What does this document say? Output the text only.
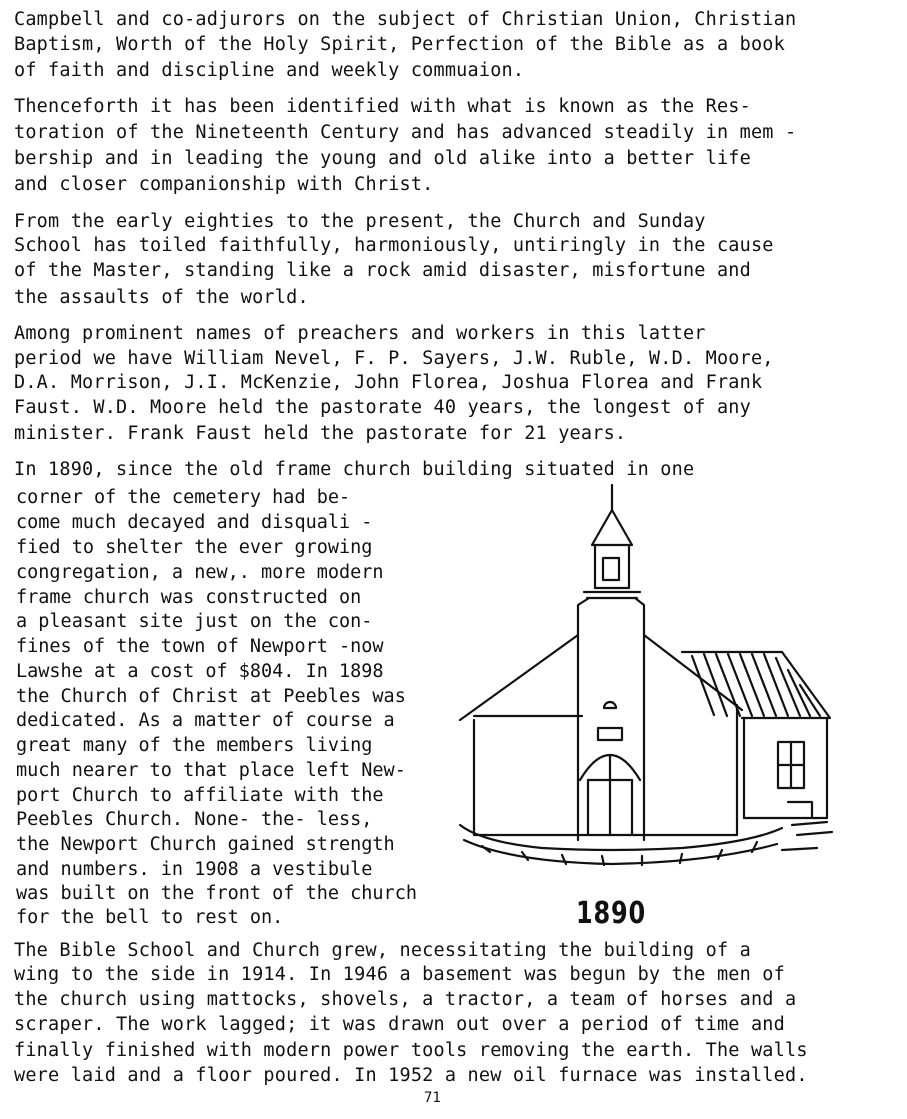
Campbell and co-adjurors on the subject of Christian Union, Christian
Baptism, Worth of the Holy Spirit, Perfection of the Bible as a book
of faith and discipline and weekly commuaion.
Thenceforth it has been identified with what is known as the Res-
toration of the Nineteenth Century and has advanced steadily in mem -
bership and in leading the young and old alike into a better life
and closer companionship with Christ.
From the early eighties to the present, the Church and Sunday
School has toiled faithfully, harmoniously, untiringly in the cause
of the Master, standing like a rock amid disaster, misfortune and
the assaults of the world.
Among prominent names of preachers and workers in this latter
period we have William Nevel, F. P. Sayers, J.W. Ruble, W.D. Moore,
D.A. Morrison, J.I. McKenzie, John Florea, Joshua Florea and Frank
Faust. W.D. Moore held the pastorate 40 years, the longest of any
minister. Frank Faust held the pastorate for 21 years.
In 1890, since the old frame church building situated in one
corner of the cemetery had be-
come much decayed and disquali -
fied to shelter the ever growing
congregation, a new,. more modern
frame church was constructed on
a pleasant site just on the con-
fines of the town of Newport -now
Lawshe at a cost of $804. In 1898
the Church of Christ at Peebles was
dedicated. As a matter of course a
great many of the members living
much nearer to that place left New-
port Church to affiliate with the
Peebles Church. None- the- less,
the Newport Church gained strength
and numbers. in 1908 a vestibule
was built on the front of the church
for the bell to rest on.	1890
The Bible School and Church grew, necessitating the building of a
wing to the side in 1914. In 1946 a basement was begun by the men of
the church using mattocks, shovels, a tractor, a team of horses and a
scraper. The work lagged; it was drawn out over a period of time and
finally finished with modern power tools removing the earth. The walls
were laid and a floor poured. In 1952 a new oil furnace was installed.
71
